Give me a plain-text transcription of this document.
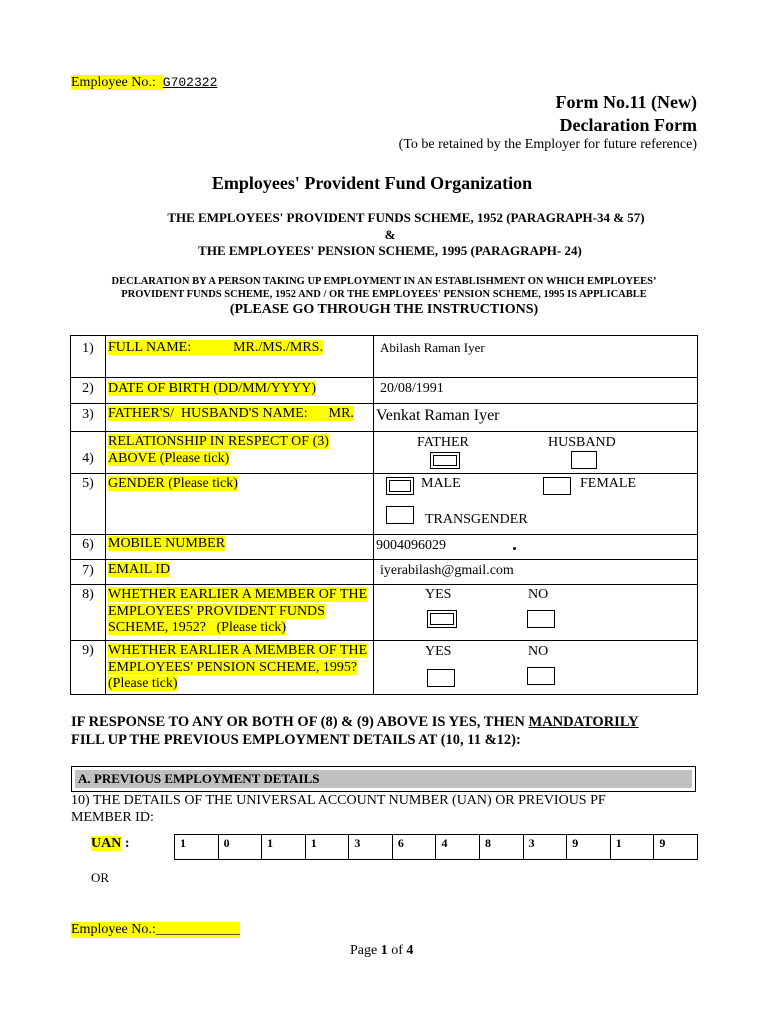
Employee No.: G702322
Form No.11 (New)
Declaration Form
(To be retained by the Employer for future reference)
Employees' Provident Fund Organization
THE EMPLOYEES' PROVIDENT FUNDS SCHEME, 1952 (PARAGRAPH-34 & 57)
&
THE EMPLOYEES' PENSION SCHEME, 1995 (PARAGRAPH- 24)
DECLARATION BY A PERSON TAKING UP EMPLOYMENT IN AN ESTABLISHMENT ON WHICH EMPLOYEES’
PROVIDENT FUNDS SCHEME, 1952 AND / OR THE EMPLOYEES' PENSION SCHEME, 1995 IS APPLICABLE
(PLEASE GO THROUGH THE INSTRUCTIONS)
1)	FULL NAME:            MR./MS./MRS.	Abilash Raman Iyer
2)	DATE OF BIRTH (DD/MM/YYYY)	20/08/1991
3)	FATHER'S/  HUSBAND'S NAME:      MR.	Venkat Raman Iyer
4)
RELATIONSHIP IN RESPECT OF (3)
ABOVE (Please tick)
FATHER	HUSBAND
5)	GENDER (Please tick)	MALE	FEMALE
TRANSGENDER
6)	MOBILE NUMBER	9004096029
7)	EMAIL ID	iyerabilash@gmail.com
8)	WHETHER EARLIER A MEMBER OF THE
EMPLOYEES' PROVIDENT FUNDS
SCHEME, 1952?   (Please tick)
YES	NO
9)	WHETHER EARLIER A MEMBER OF THE
EMPLOYEES' PENSION SCHEME, 1995?
(Please tick)
YES	NO
IF RESPONSE TO ANY OR BOTH OF (8) & (9) ABOVE IS YES, THEN MANDATORILY
FILL UP THE PREVIOUS EMPLOYMENT DETAILS AT (10, 11 &12):
A. PREVIOUS EMPLOYMENT DETAILS
10) THE DETAILS OF THE UNIVERSAL ACCOUNT NUMBER (UAN) OR PREVIOUS PF
MEMBER ID:
UAN :	1	0	1	1	3	6	4	8	3	9	1	9
OR
Employee No.:____________
Page 1 of 4
